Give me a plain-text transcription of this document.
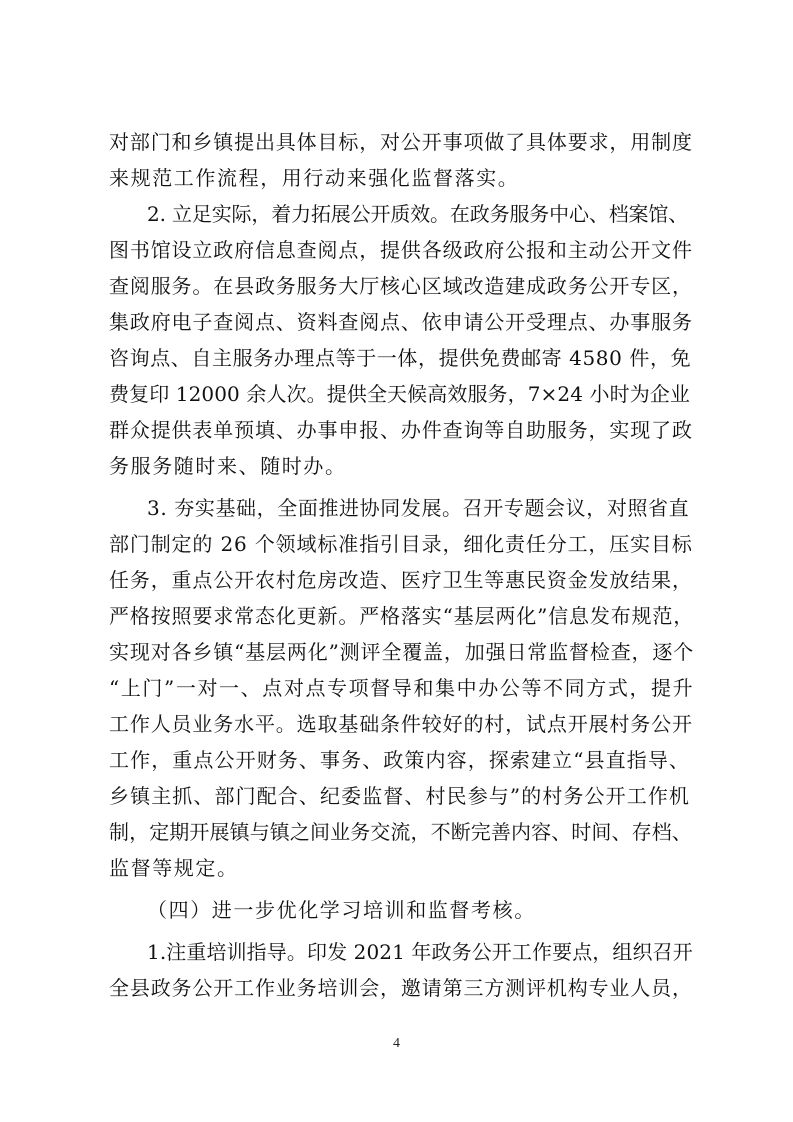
对部门和乡镇提出具体目标，对公开事项做了具体要求，用制度
来规范工作流程，用行动来强化监督落实。
2. 立足实际，着力拓展公开质效。在政务服务中心、档案馆、
图书馆设立政府信息查阅点，提供各级政府公报和主动公开文件
查阅服务。在县政务服务大厅核心区域改造建成政务公开专区，
集政府电子查阅点、资料查阅点、依申请公开受理点、办事服务
咨询点、自主服务办理点等于一体，提供免费邮寄 4580 件，免
费复印 12000 余人次。提供全天候高效服务，7×24 小时为企业
群众提供表单预填、办事申报、办件查询等自助服务，实现了政
务服务随时来、随时办。
3. 夯实基础，全面推进协同发展。召开专题会议，对照省直
部门制定的 26 个领域标准指引目录，细化责任分工，压实目标
任务，重点公开农村危房改造、医疗卫生等惠民资金发放结果，
严格按照要求常态化更新。严格落实“基层两化”信息发布规范，
实现对各乡镇“基层两化”测评全覆盖，加强日常监督检查，逐个
“上门”一对一、点对点专项督导和集中办公等不同方式，提升
工作人员业务水平。选取基础条件较好的村，试点开展村务公开
工作，重点公开财务、事务、政策内容，探索建立“县直指导、
乡镇主抓、部门配合、纪委监督、村民参与”的村务公开工作机
制，定期开展镇与镇之间业务交流，不断完善内容、时间、存档、
监督等规定。
（四）进一步优化学习培训和监督考核。
1.注重培训指导。印发 2021 年政务公开工作要点，组织召开
全县政务公开工作业务培训会，邀请第三方测评机构专业人员，
4
